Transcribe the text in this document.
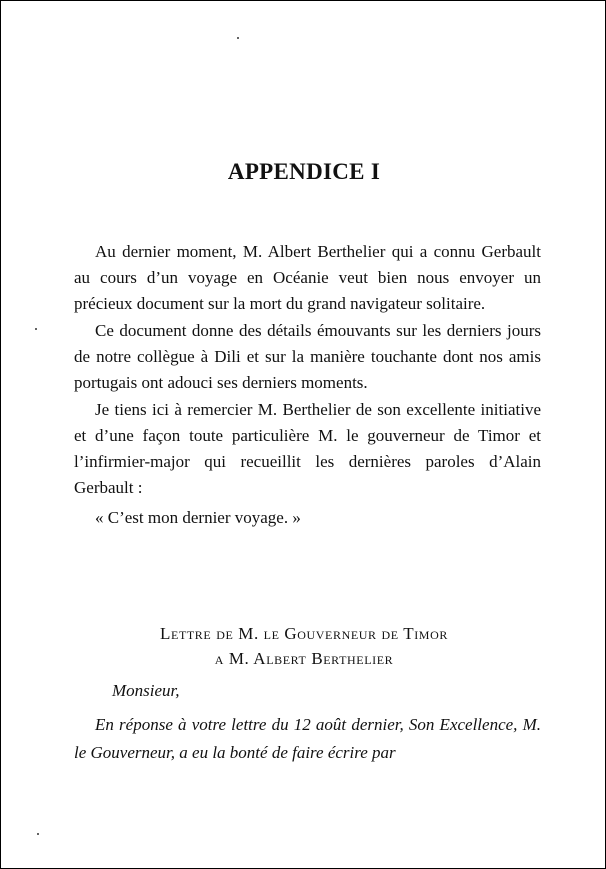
APPENDICE I

Au dernier moment, M. Albert Berthelier qui a connu Gerbault au cours d’un voyage en Océanie veut bien nous envoyer un précieux document sur la mort du grand navigateur solitaire.

Ce document donne des détails émouvants sur les derniers jours de notre collègue à Dili et sur la manière touchante dont nos amis portugais ont adouci ses derniers moments.

Je tiens ici à remercier M. Berthelier de son excellente initiative et d’une façon toute particulière M. le gouverneur de Timor et l’infirmier-major qui recueillit les dernières paroles d’Alain Gerbault :

« C’est mon dernier voyage. »

Lettre de M. le Gouverneur de Timor

a M. Albert Berthelier

Monsieur,

En réponse à votre lettre du 12 août dernier, Son Excellence, M. le Gouverneur, a eu la bonté de faire écrire par
